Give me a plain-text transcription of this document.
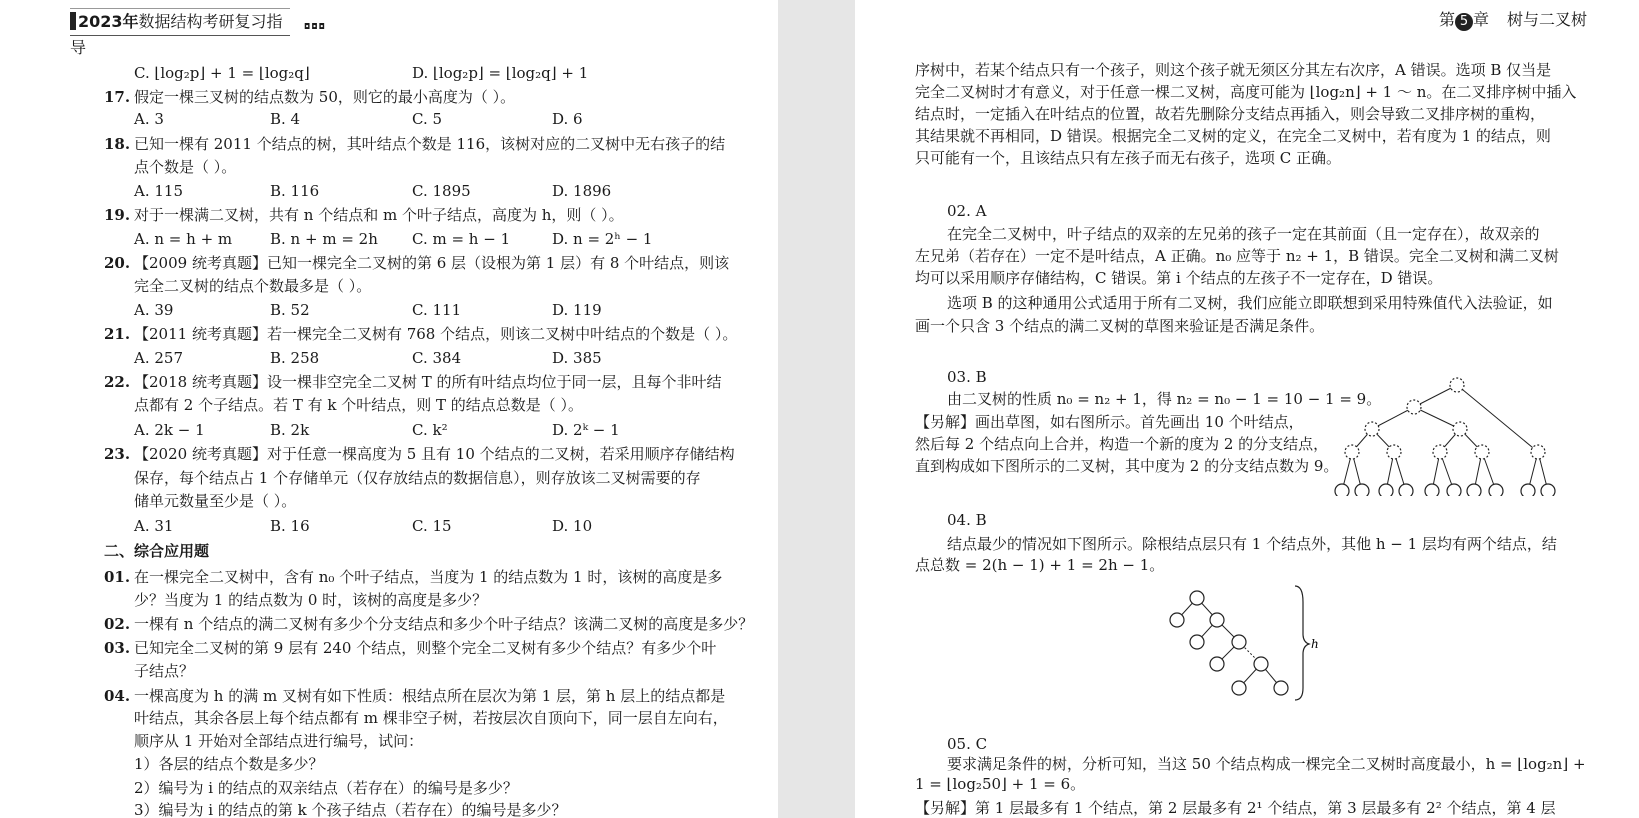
2023年数据结构考研复习指导
◘◘◘
C. ⌊log₂p⌋ + 1 = ⌊log₂q⌋	D. ⌊log₂p⌋ = ⌊log₂q⌋ + 1
17. 假定一棵三叉树的结点数为 50，则它的最小高度为（ ）。
A. 3	B. 4	C. 5	D. 6
18. 已知一棵有 2011 个结点的树，其叶结点个数是 116，该树对应的二叉树中无右孩子的结
点个数是（ ）。
A. 115	B. 116	C. 1895	D. 1896
19. 对于一棵满二叉树，共有 n 个结点和 m 个叶子结点，高度为 h，则（ ）。
A. n = h + m	B. n + m = 2h C. m = h − 1	D. n = 2ʰ − 1
20. 【2009 统考真题】已知一棵完全二叉树的第 6 层（设根为第 1 层）有 8 个叶结点，则该
完全二叉树的结点个数最多是（ ）。
A. 39	B. 52	C. 111	D. 119
21. 【2011 统考真题】若一棵完全二叉树有 768 个结点，则该二叉树中叶结点的个数是（ ）。
A. 257	B. 258	C. 384	D. 385
22. 【2018 统考真题】设一棵非空完全二叉树 T 的所有叶结点均位于同一层，且每个非叶结
点都有 2 个子结点。若 T 有 k 个叶结点，则 T 的结点总数是（ ）。
A. 2k − 1	B. 2k	C. k²	D. 2ᵏ − 1
23. 【2020 统考真题】对于任意一棵高度为 5 且有 10 个结点的二叉树，若采用顺序存储结构
保存，每个结点占 1 个存储单元（仅存放结点的数据信息），则存放该二叉树需要的存
储单元数量至少是（ ）。
A. 31	B. 16	C. 15	D. 10
二、综合应用题
01. 在一棵完全二叉树中，含有 n₀ 个叶子结点，当度为 1 的结点数为 1 时，该树的高度是多
少？当度为 1 的结点数为 0 时，该树的高度是多少？
02. 一棵有 n 个结点的满二叉树有多少个分支结点和多少个叶子结点？该满二叉树的高度是多少？
03. 已知完全二叉树的第 9 层有 240 个结点，则整个完全二叉树有多少个结点？有多少个叶
子结点？
04. 一棵高度为 h 的满 m 叉树有如下性质：根结点所在层次为第 1 层，第 h 层上的结点都是
叶结点，其余各层上每个结点都有 m 棵非空子树，若按层次自顶向下，同一层自左向右，
顺序从 1 开始对全部结点进行编号，试问：
1）各层的结点个数是多少？
2）编号为 i 的结点的双亲结点（若存在）的编号是多少？
3）编号为 i 的结点的第 k 个孩子结点（若存在）的编号是多少？
第 5 章 树与二叉树
序树中，若某个结点只有一个孩子，则这个孩子就无须区分其左右次序，A 错误。选项 B 仅当是
完全二叉树时才有意义，对于任意一棵二叉树，高度可能为 ⌊log₂n⌋ + 1 ～ n。在二叉排序树中插入
结点时，一定插入在叶结点的位置，故若先删除分支结点再插入，则会导致二叉排序树的重构，
其结果就不再相同，D 错误。根据完全二叉树的定义，在完全二叉树中，若有度为 1 的结点，则
只可能有一个，且该结点只有左孩子而无右孩子，选项 C 正确。
02. A
在完全二叉树中，叶子结点的双亲的左兄弟的孩子一定在其前面（且一定存在），故双亲的
左兄弟（若存在）一定不是叶结点，A 正确。n₀ 应等于 n₂ + 1，B 错误。完全二叉树和满二叉树
均可以采用顺序存储结构，C 错误。第 i 个结点的左孩子不一定存在，D 错误。
选项 B 的这种通用公式适用于所有二叉树，我们应能立即联想到采用特殊值代入法验证，如
画一个只含 3 个结点的满二叉树的草图来验证是否满足条件。
03. B
由二叉树的性质 n₀ = n₂ + 1，得 n₂ = n₀ − 1 = 10 − 1 = 9。
【另解】画出草图，如右图所示。首先画出 10 个叶结点，
然后每 2 个结点向上合并，构造一个新的度为 2 的分支结点，
直到构成如下图所示的二叉树，其中度为 2 的分支结点数为 9。
04. B
结点最少的情况如下图所示。除根结点层只有 1 个结点外，其他 h − 1 层均有两个结点，结
点总数 = 2(h − 1) + 1 = 2h − 1。
05. C
要求满足条件的树，分析可知，当这 50 个结点构成一棵完全二叉树时高度最小，h = ⌊log₂n⌋ +
1 = ⌊log₂50⌋ + 1 = 6。
【另解】第 1 层最多有 1 个结点，第 2 层最多有 2¹ 个结点，第 3 层最多有 2² 个结点，第 4 层
h
